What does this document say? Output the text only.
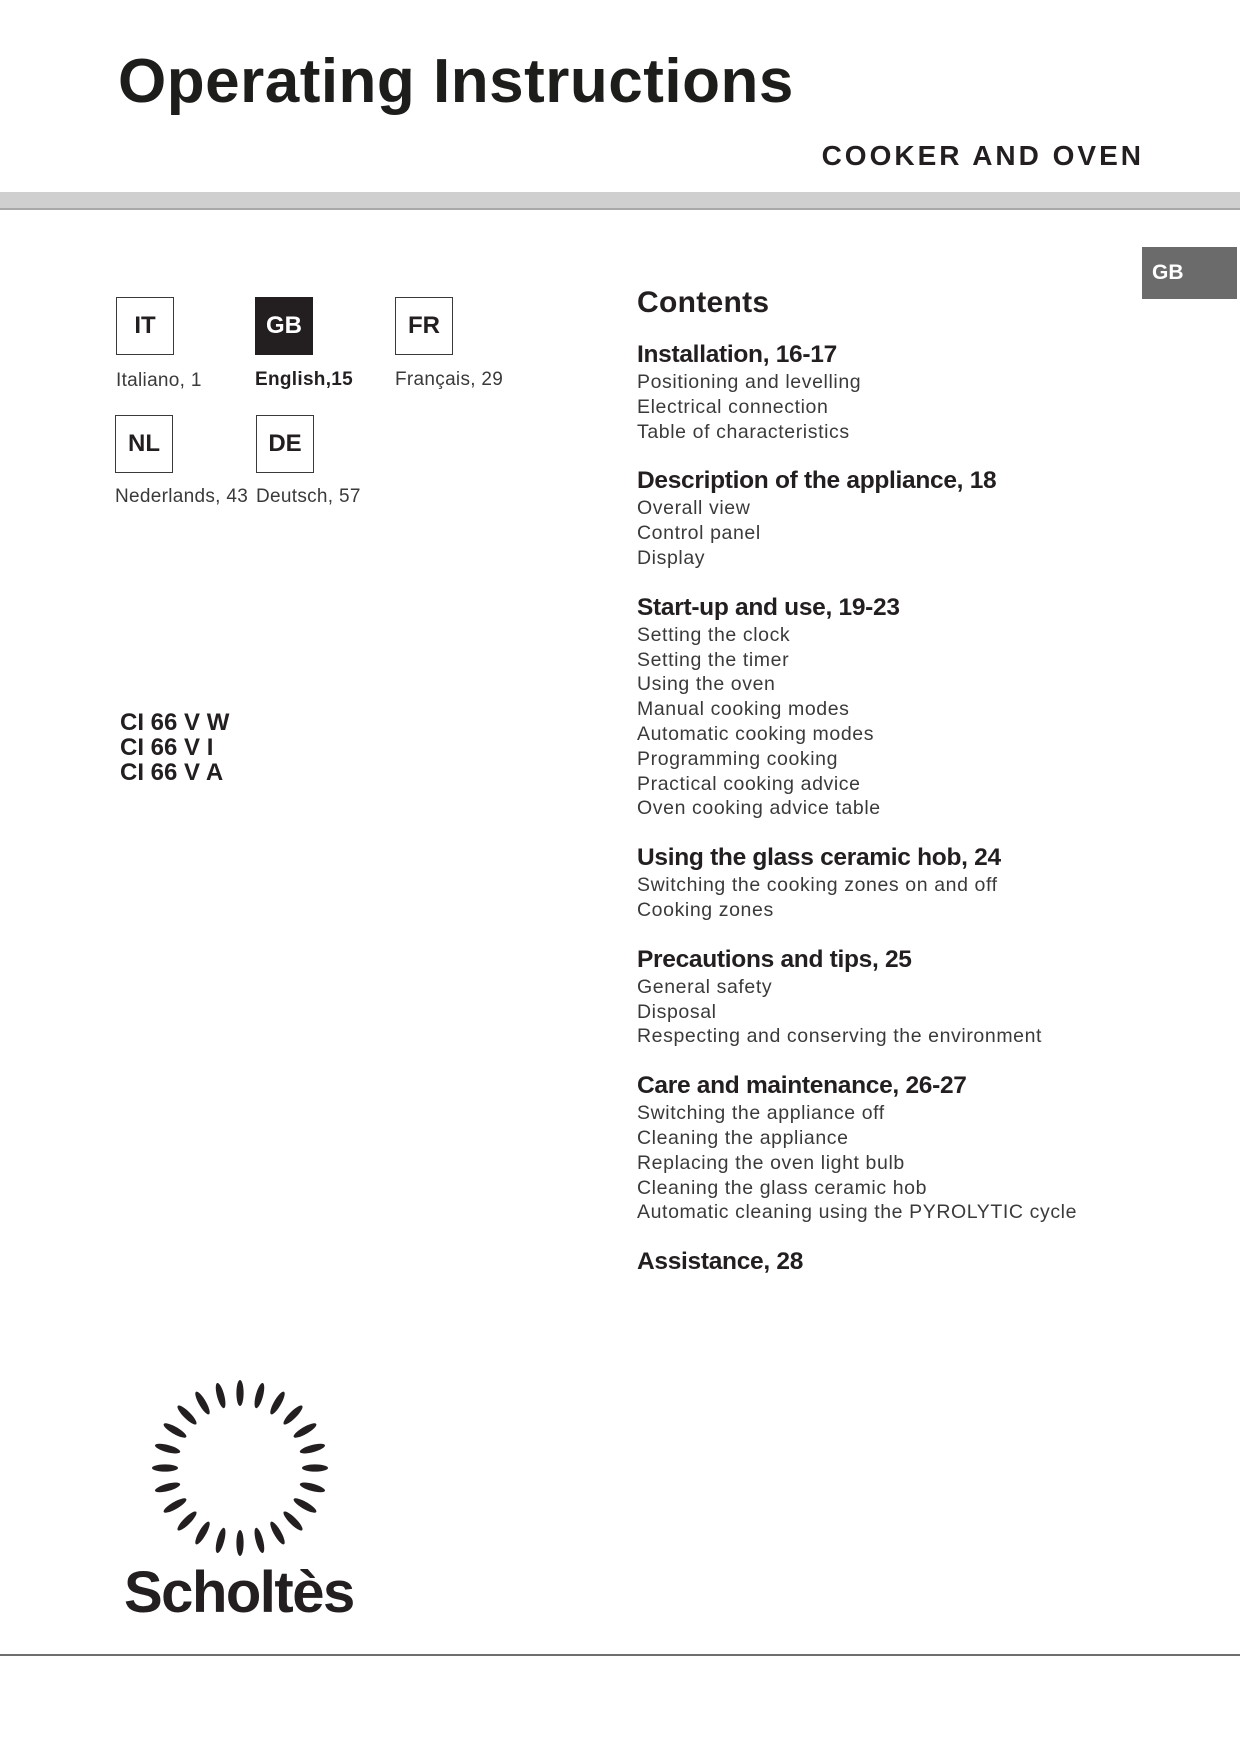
Operating Instructions
COOKER AND OVEN
GB
IT
Italiano, 1
GB
English,15
FR
Français, 29
NL
Nederlands, 43
DE
Deutsch, 57
CI 66 V W
CI 66 V I
CI 66 V A
Contents
Installation, 16-17
Positioning and levelling
Electrical connection
Table of characteristics
Description of the appliance, 18
Overall view
Control panel
Display
Start-up and use, 19-23
Setting the clock
Setting the timer
Using the oven
Manual cooking modes
Automatic cooking modes
Programming cooking
Practical cooking advice
Oven cooking advice table
Using the glass ceramic hob, 24
Switching the cooking zones on and off
Cooking zones
Precautions and tips, 25
General safety
Disposal
Respecting and conserving the environment
Care and maintenance, 26-27
Switching the appliance off
Cleaning the appliance
Replacing the oven light bulb
Cleaning the glass ceramic hob
Automatic cleaning using the PYROLYTIC cycle
Assistance, 28
Scholtès
